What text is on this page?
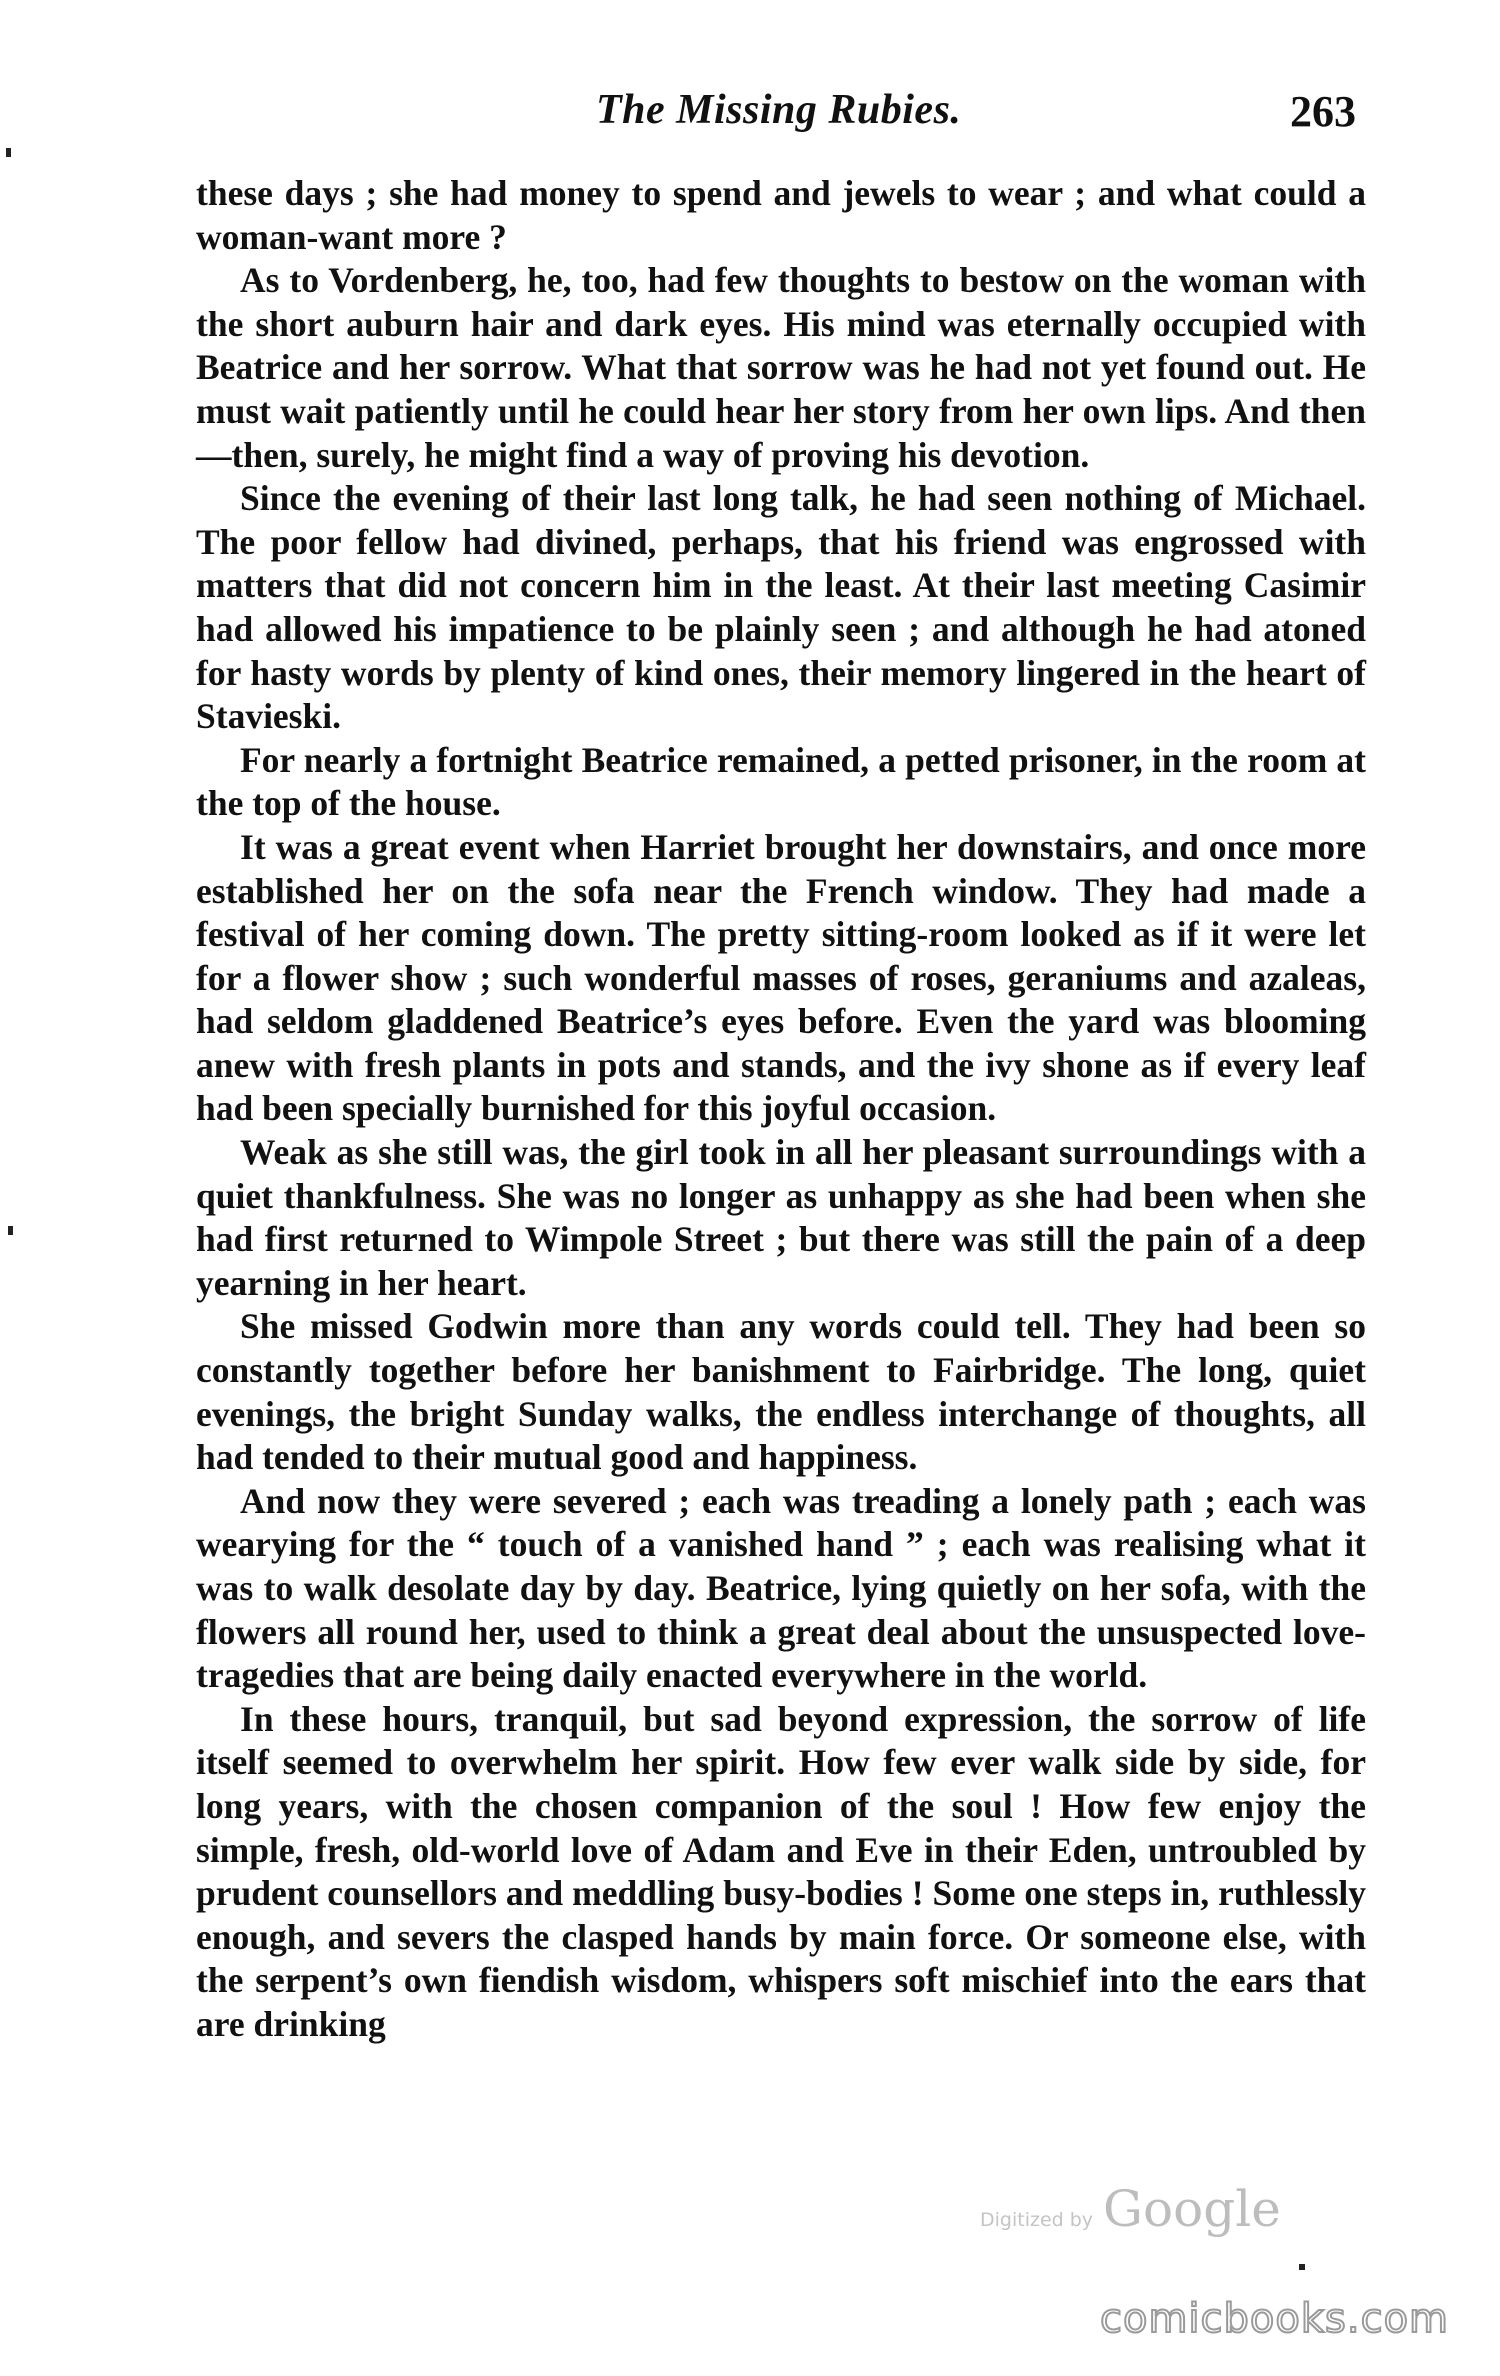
The Missing Rubies.	263

these days ; she had money to spend and jewels to wear ; and what could a woman-want more ?

As to Vordenberg, he, too, had few thoughts to bestow on the woman with the short auburn hair and dark eyes. His mind was eternally occupied with Beatrice and her sorrow. What that sorrow was he had not yet found out. He must wait patiently until he could hear her story from her own lips. And then—then, surely, he might find a way of proving his devotion.

Since the evening of their last long talk, he had seen nothing of Michael. The poor fellow had divined, perhaps, that his friend was engrossed with matters that did not concern him in the least. At their last meeting Casimir had allowed his impatience to be plainly seen ; and although he had atoned for hasty words by plenty of kind ones, their memory lingered in the heart of Stavieski.

For nearly a fortnight Beatrice remained, a petted prisoner, in the room at the top of the house.

It was a great event when Harriet brought her downstairs, and once more established her on the sofa near the French window. They had made a festival of her coming down. The pretty sitting-room looked as if it were let for a flower show ; such wonderful masses of roses, geraniums and azaleas, had seldom gladdened Beatrice’s eyes before. Even the yard was blooming anew with fresh plants in pots and stands, and the ivy shone as if every leaf had been specially burnished for this joyful occasion.

Weak as she still was, the girl took in all her pleasant surroundings with a quiet thankfulness. She was no longer as unhappy as she had been when she had first returned to Wimpole Street ; but there was still the pain of a deep yearning in her heart.

She missed Godwin more than any words could tell. They had been so constantly together before her banishment to Fairbridge. The long, quiet evenings, the bright Sunday walks, the endless interchange of thoughts, all had tended to their mutual good and happiness.

And now they were severed ; each was treading a lonely path ; each was wearying for the “ touch of a vanished hand ” ; each was realising what it was to walk desolate day by day. Beatrice, lying quietly on her sofa, with the flowers all round her, used to think a great deal about the unsuspected love-tragedies that are being daily enacted everywhere in the world.

In these hours, tranquil, but sad beyond expression, the sorrow of life itself seemed to overwhelm her spirit. How few ever walk side by side, for long years, with the chosen companion of the soul ! How few enjoy the simple, fresh, old-world love of Adam and Eve in their Eden, untroubled by prudent counsellors and meddling busy-bodies ! Some one steps in, ruthlessly enough, and severs the clasped hands by main force. Or someone else, with the serpent’s own fiendish wisdom, whispers soft mischief into the ears that are drinking

Digitized by Google
comicbooks.com
